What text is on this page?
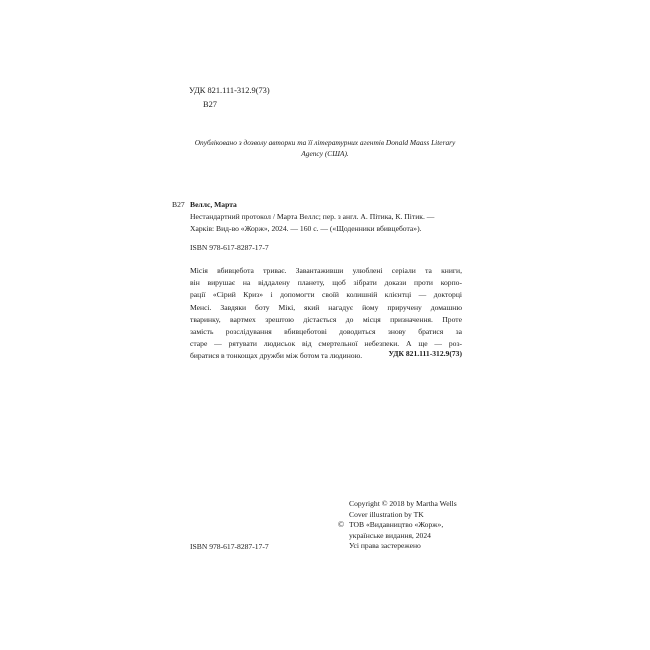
УДК 821.111-312.9(73)
В27
Опубліковано з дозволу авторки та її літературних агентів Donald Maass Literary Agency (США).
В27 Веллс, Марта
Нестандартний протокол / Марта Веллс; пер. з англ. А. Пітика, К. Пітик. —
Харків: Вид-во «Жорж», 2024. — 160 с. — («Щоденники вбивцебота»).
ISBN 978-617-8287-17-7
Місія вбивцебота триває. Завантаживши улюблені серіали та книги,
він вирушає на віддалену планету, щоб зібрати докази проти корпо-
рації «Сірий Криз» і допомогти своїй колишній клієнтці — докторці
Менсі. Завдяки боту Мікі, який нагадує йому приручену домашню
тваринку, вартмех зрештою дістається до місця призначення. Проте
замість розслідування вбивцеботові доводиться знову братися за
старе — рятувати людисьок від смертельної небезпеки. А ще — роз-
биратися в тонкощах дружби між ботом та людиною.	УДК 821.111-312.9(73)
©
Copyright © 2018 by Martha Wells
Cover illustration by TK
ТОВ «Видавництво «Жорж»,
українське видання, 2024
Усі права застережено
ISBN 978-617-8287-17-7
